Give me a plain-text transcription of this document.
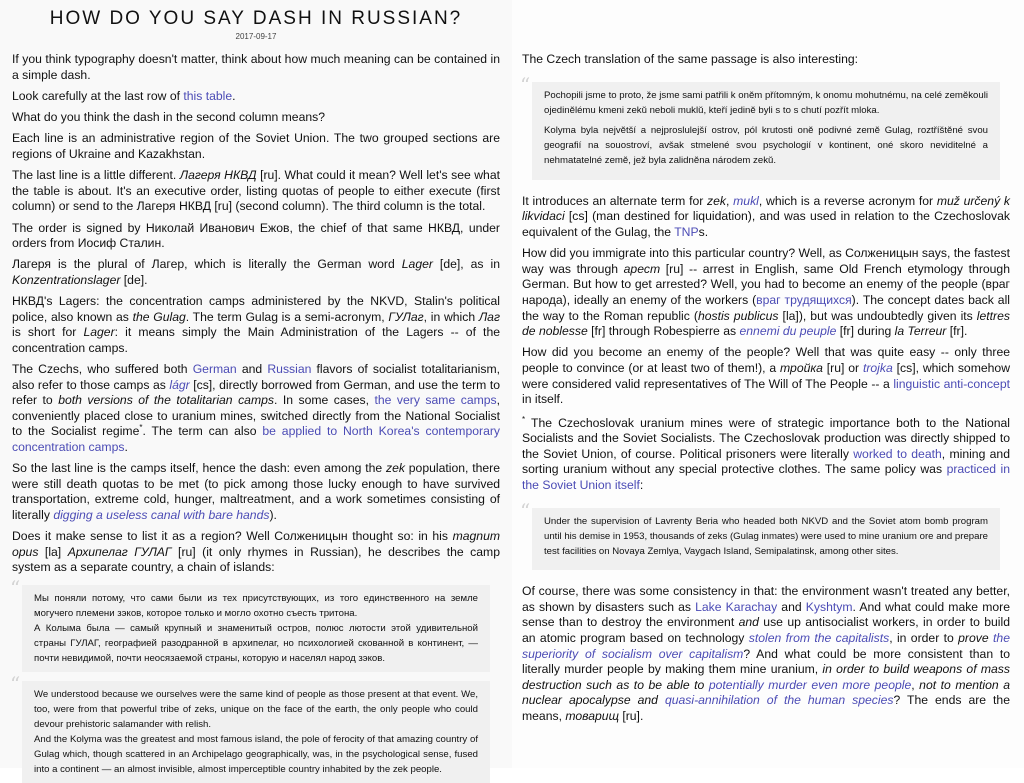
HOW DO YOU SAY DASH IN RUSSIAN?
2017-09-17

If you think typography doesn't matter, think about how much meaning can be contained in a simple dash.

Look carefully at the last row of this table.

What do you think the dash in the second column means?

Each line is an administrative region of the Soviet Union. The two grouped sections are regions of Ukraine and Kazakhstan.

The last line is a little different. Лагеря НКВД [ru]. What could it mean? Well let's see what the table is about. It's an executive order, listing quotas of people to either execute (first column) or send to the Лагеря НКВД [ru] (second column). The third column is the total.

The order is signed by Николай Иванович Ежов, the chief of that same НКВД, under orders from Иосиф Сталин.

Лагеря is the plural of Лагер, which is literally the German word Lager [de], as in Konzentrationslager [de].

НКВД's Lagers: the concentration camps administered by the NKVD, Stalin's political police, also known as the Gulag. The term Gulag is a semi-acronym, ГУЛаг, in which Лаг is short for Lager: it means simply the Main Administration of the Lagers -- of the concentration camps.

The Czechs, who suffered both German and Russian flavors of socialist totalitarianism, also refer to those camps as lágr [cs], directly borrowed from German, and use the term to refer to both versions of the totalitarian camps. In some cases, the very same camps, conveniently placed close to uranium mines, switched directly from the National Socialist to the Socialist regime*. The term can also be applied to North Korea's contemporary concentration camps.

So the last line is the camps itself, hence the dash: even among the zek population, there were still death quotas to be met (to pick among those lucky enough to have survived transportation, extreme cold, hunger, maltreatment, and a work sometimes consisting of literally digging a useless canal with bare hands).

Does it make sense to list it as a region? Well Солженицын thought so: in his magnum opus [la] Архипелаг ГУЛАГ [ru] (it only rhymes in Russian), he describes the camp system as a separate country, a chain of islands:

“ Мы поняли потому, что сами были из тех присутствующих, из того единственного на земле могучего племени зэков, которое только и могло охотно съесть тритона.

А Колыма была — самый крупный и знаменитый остров, полюс лютости этой удивительной страны ГУЛАГ, географией разодранной в архипелаг, но психологией скованной в континент, — почти невидимой, почти неосязаемой страны, которую и населял народ зэков.

“ We understood because we ourselves were the same kind of people as those present at that event. We, too, were from that powerful tribe of zeks, unique on the face of the earth, the only people who could devour prehistoric salamander with relish.

And the Kolyma was the greatest and most famous island, the pole of ferocity of that amazing country of Gulag which, though scattered in an Archipelago geographically, was, in the psychological sense, fused into a continent — an almost invisible, almost imperceptible country inhabited by the zek people.

The Czech translation of the same passage is also interesting:

“ Pochopili jsme to proto, že jsme sami patřili k onĕm přítomným, k onomu mohutnému, na celé zemĕkouli ojedinĕlému kmeni zekŭ neboli muklŭ, kteří jedinĕ byli s to s chutí pozřít mloka.

Kolyma byla nejvĕtší a nejproslulejší ostrov, pól krutosti onĕ podivné zemĕ Gulag, roztříštĕné svou geografií na souostroví, avšak stmelené svou psychologií v kontinent, oné skoro neviditelné a nehmatatelné zemĕ, jež byla zalidnĕna národem zekŭ.

It introduces an alternate term for zek, mukl, which is a reverse acronym for muž určený k likvidaci [cs] (man destined for liquidation), and was used in relation to the Czechoslovak equivalent of the Gulag, the TNPs.

How did you immigrate into this particular country? Well, as Солженицын says, the fastest way was through арест [ru] -- arrest in English, same Old French etymology through German. But how to get arrested? Well, you had to become an enemy of the people (враг народа), ideally an enemy of the workers (враг трудящихся). The concept dates back all the way to the Roman republic (hostis publicus [la]), but was undoubtedly given its lettres de noblesse [fr] through Robespierre as ennemi du peuple [fr] during la Terreur [fr].

How did you become an enemy of the people? Well that was quite easy -- only three people to convince (or at least two of them!), a тройка [ru] or trojka [cs], which somehow were considered valid representatives of The Will of The People -- a linguistic anti-concept in itself.

* The Czechoslovak uranium mines were of strategic importance both to the National Socialists and the Soviet Socialists. The Czechoslovak production was directly shipped to the Soviet Union, of course. Political prisoners were literally worked to death, mining and sorting uranium without any special protective clothes. The same policy was practiced in the Soviet Union itself:

“ Under the supervision of Lavrenty Beria who headed both NKVD and the Soviet atom bomb program until his demise in 1953, thousands of zeks (Gulag inmates) were used to mine uranium ore and prepare test facilities on Novaya Zemlya, Vaygach Island, Semipalatinsk, among other sites.

Of course, there was some consistency in that: the environment wasn't treated any better, as shown by disasters such as Lake Karachay and Kyshtym. And what could make more sense than to destroy the environment and use up antisocialist workers, in order to build an atomic program based on technology stolen from the capitalists, in order to prove the superiority of socialism over capitalism? And what could be more consistent than to literally murder people by making them mine uranium, in order to build weapons of mass destruction such as to be able to potentially murder even more people, not to mention a nuclear apocalypse and quasi-annihilation of the human species? The ends are the means, товарищ [ru].
